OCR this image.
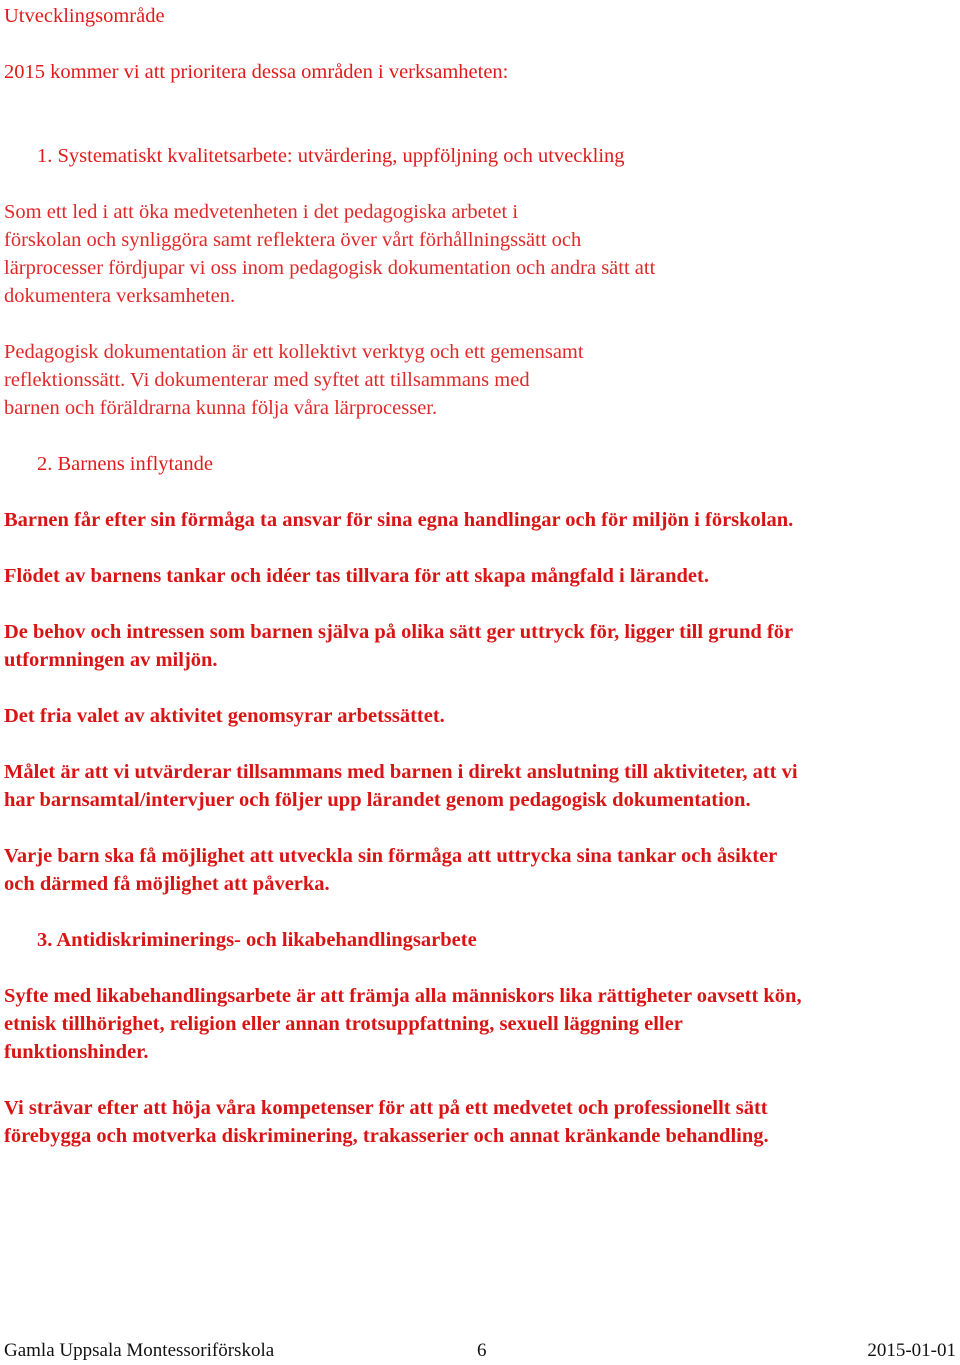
Utvecklingsområde
2015 kommer vi att prioritera dessa områden i verksamheten:
1. Systematiskt kvalitetsarbete: utvärdering, uppföljning och utveckling
Som ett led i att öka medvetenheten i det pedagogiska arbetet i
förskolan och synliggöra samt reflektera över vårt förhållningssätt och
lärprocesser fördjupar vi oss inom pedagogisk dokumentation och andra sätt att
dokumentera verksamheten.
Pedagogisk dokumentation är ett kollektivt verktyg och ett gemensamt
reflektionssätt. Vi dokumenterar med syftet att tillsammans med
barnen och föräldrarna kunna följa våra lärprocesser.
2. Barnens inflytande
Barnen får efter sin förmåga ta ansvar för sina egna handlingar och för miljön i förskolan.
Flödet av barnens tankar och idéer tas tillvara för att skapa mångfald i lärandet.
De behov och intressen som barnen själva på olika sätt ger uttryck för, ligger till grund för
utformningen av miljön.
Det fria valet av aktivitet genomsyrar arbetssättet.
Målet är att vi utvärderar tillsammans med barnen i direkt anslutning till aktiviteter, att vi
har barnsamtal/intervjuer och följer upp lärandet genom pedagogisk dokumentation.
Varje barn ska få möjlighet att utveckla sin förmåga att uttrycka sina tankar och åsikter
och därmed få möjlighet att påverka.
3. Antidiskriminerings- och likabehandlingsarbete
Syfte med likabehandlingsarbete är att främja alla människors lika rättigheter oavsett kön,
etnisk tillhörighet, religion eller annan trotsuppfattning, sexuell läggning eller
funktionshinder.
Vi strävar efter att höja våra kompetenser för att på ett medvetet och professionellt sätt
förebygga och motverka diskriminering, trakasserier och annat kränkande behandling.
Gamla Uppsala Montessoriförskola	6	2015-01-01
